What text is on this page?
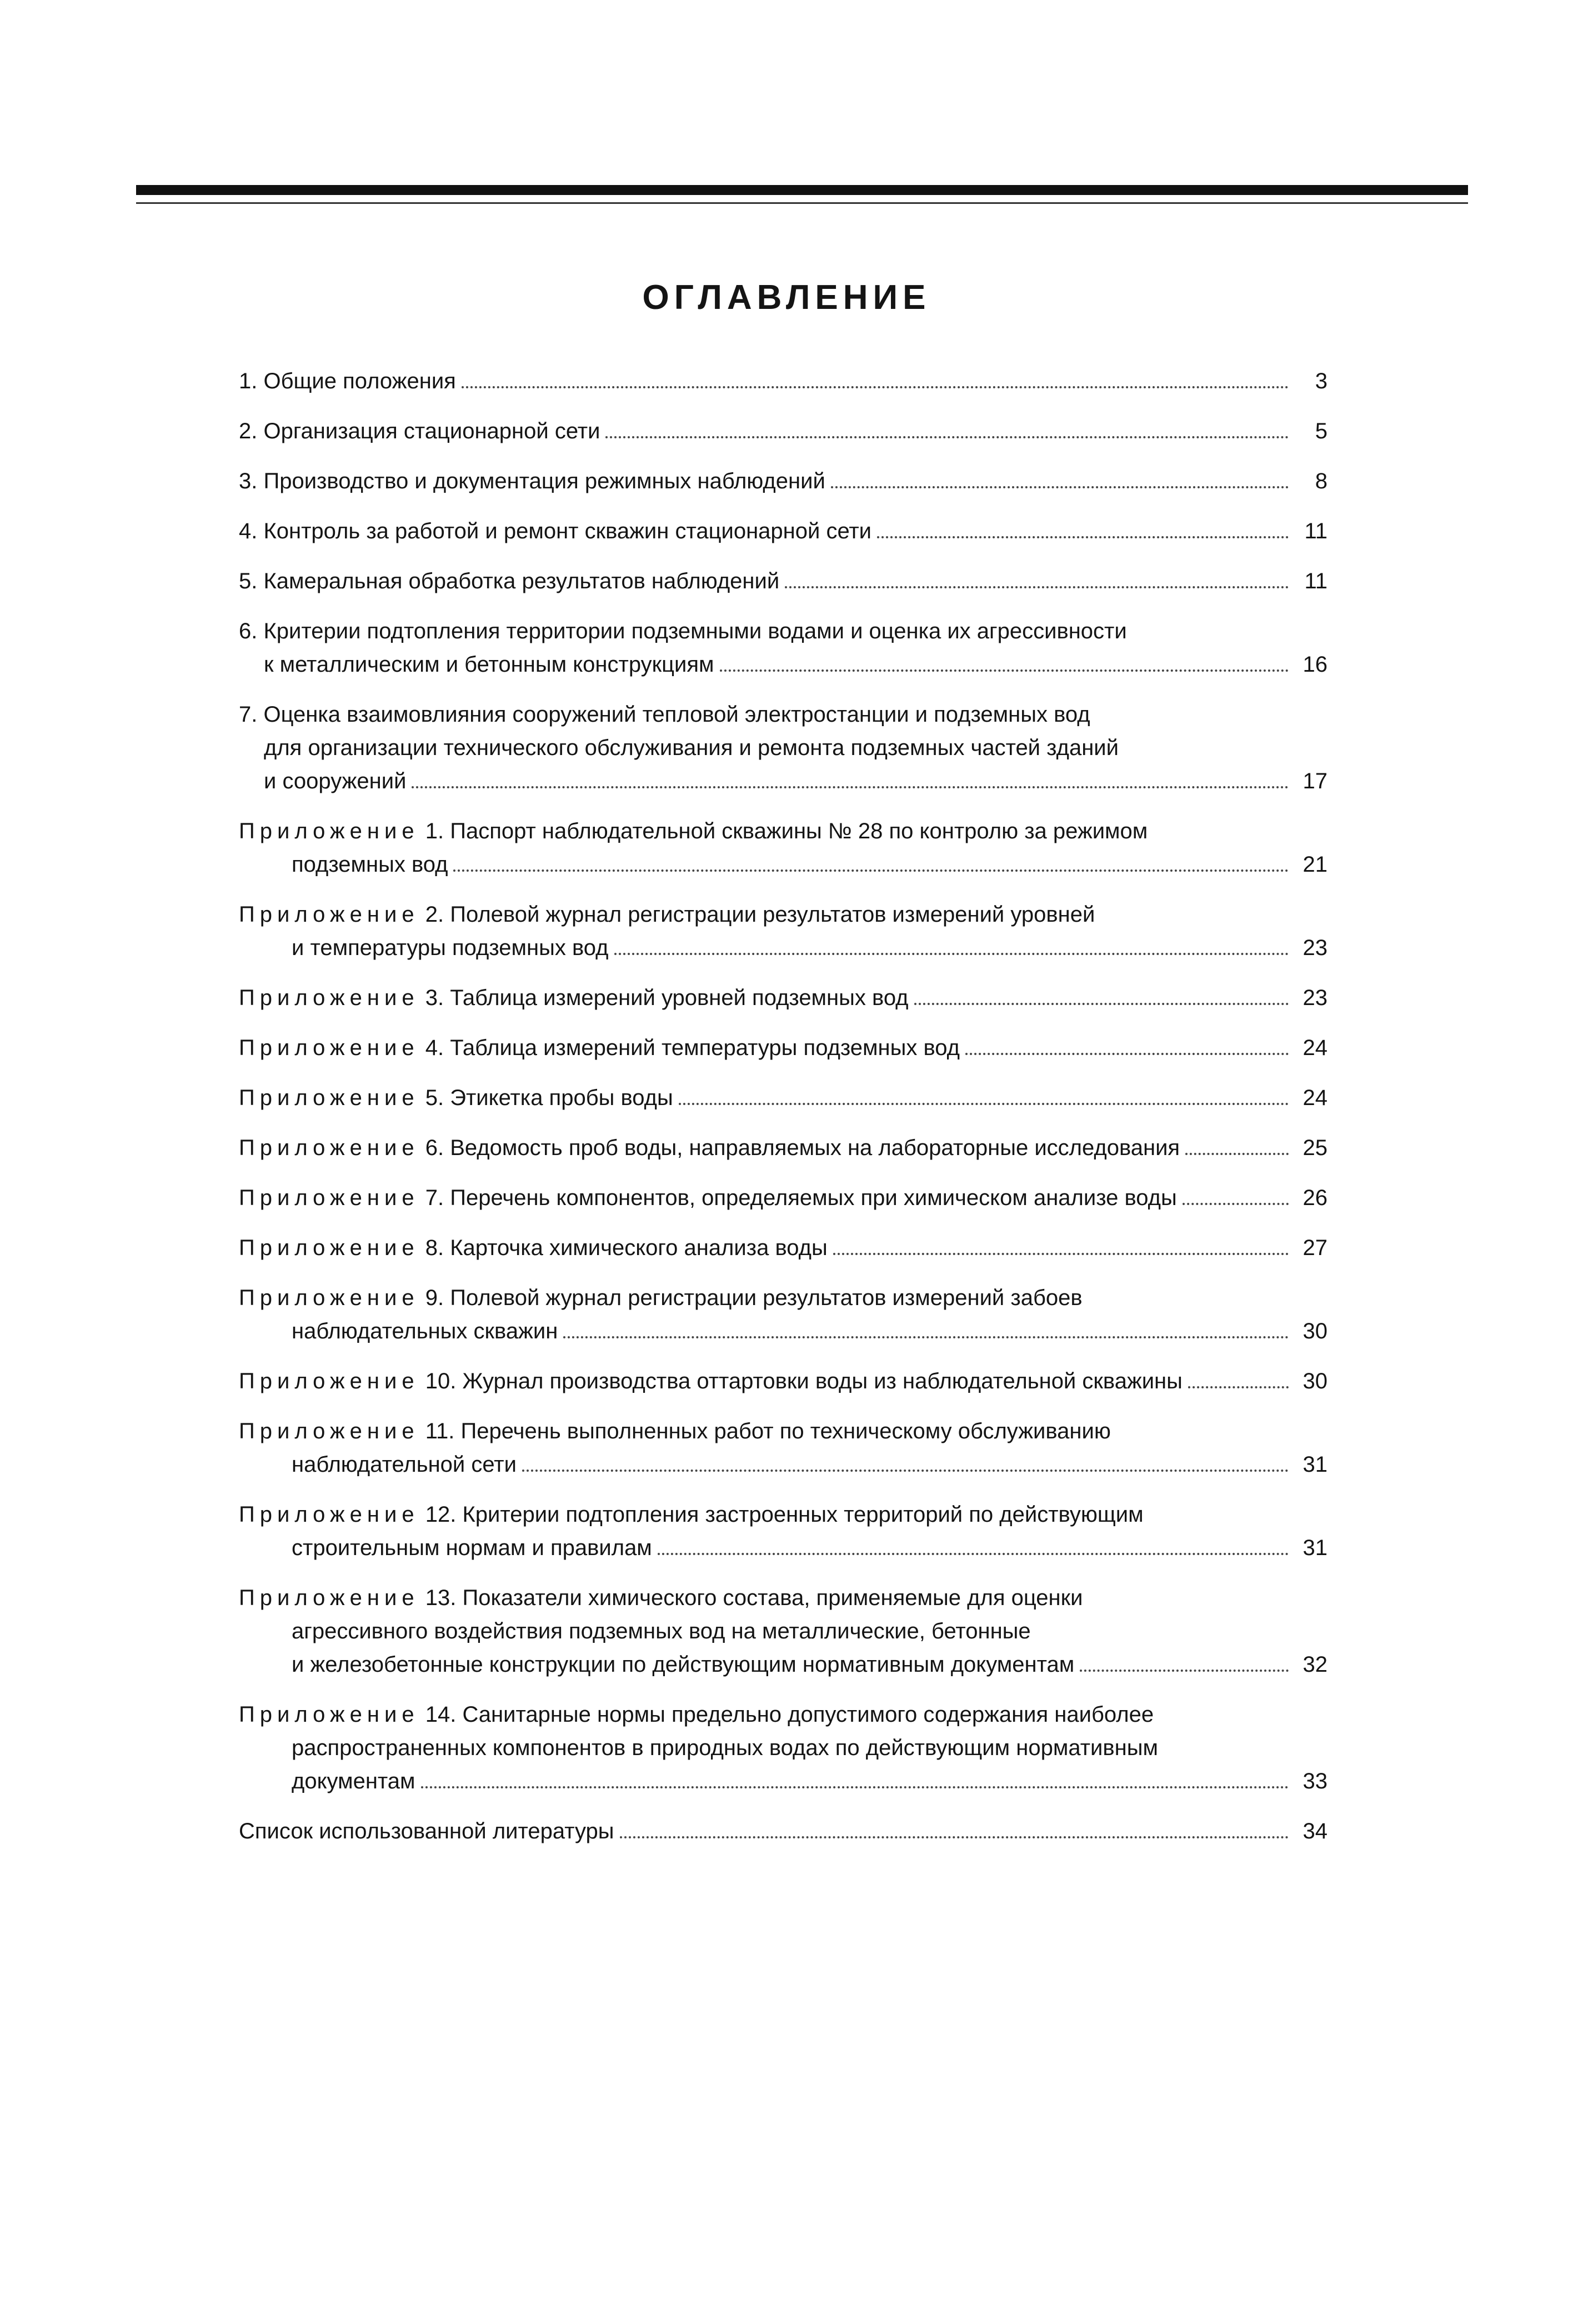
ОГЛАВЛЕНИЕ
1. Общие положения	3
2. Организация стационарной сети	5
3. Производство и документация режимных наблюдений	8
4. Контроль за работой и ремонт скважин стационарной сети	11
5. Камеральная обработка результатов наблюдений	11
6. Критерии подтопления территории подземными водами и оценка их агрессивности
к металлическим и бетонным конструкциям	16
7. Оценка взаимовлияния сооружений тепловой электростанции и подземных вод
для организации технического обслуживания и ремонта подземных частей зданий
и сооружений	17
Приложение 1. Паспорт наблюдательной скважины № 28 по контролю за режимом
подземных вод	21
Приложение 2. Полевой журнал регистрации результатов измерений уровней
и температуры подземных вод	23
Приложение 3. Таблица измерений уровней подземных вод	23
Приложение 4. Таблица измерений температуры подземных вод	24
Приложение 5. Этикетка пробы воды	24
Приложение 6. Ведомость проб воды, направляемых на лабораторные исследования	25
Приложение 7. Перечень компонентов, определяемых при химическом анализе воды	26
Приложение 8. Карточка химического анализа воды	27
Приложение 9. Полевой журнал регистрации результатов измерений забоев
наблюдательных скважин	30
Приложение 10. Журнал производства оттартовки воды из наблюдательной скважины	30
Приложение 11. Перечень выполненных работ по техническому обслуживанию
наблюдательной сети	31
Приложение 12. Критерии подтопления застроенных территорий по действующим
строительным нормам и правилам	31
Приложение 13. Показатели химического состава, применяемые для оценки
агрессивного воздействия подземных вод на металлические, бетонные
и железобетонные конструкции по действующим нормативным документам	32
Приложение 14. Санитарные нормы предельно допустимого содержания наиболее
распространенных компонентов в природных водах по действующим нормативным
документам	33
Список использованной литературы	34
